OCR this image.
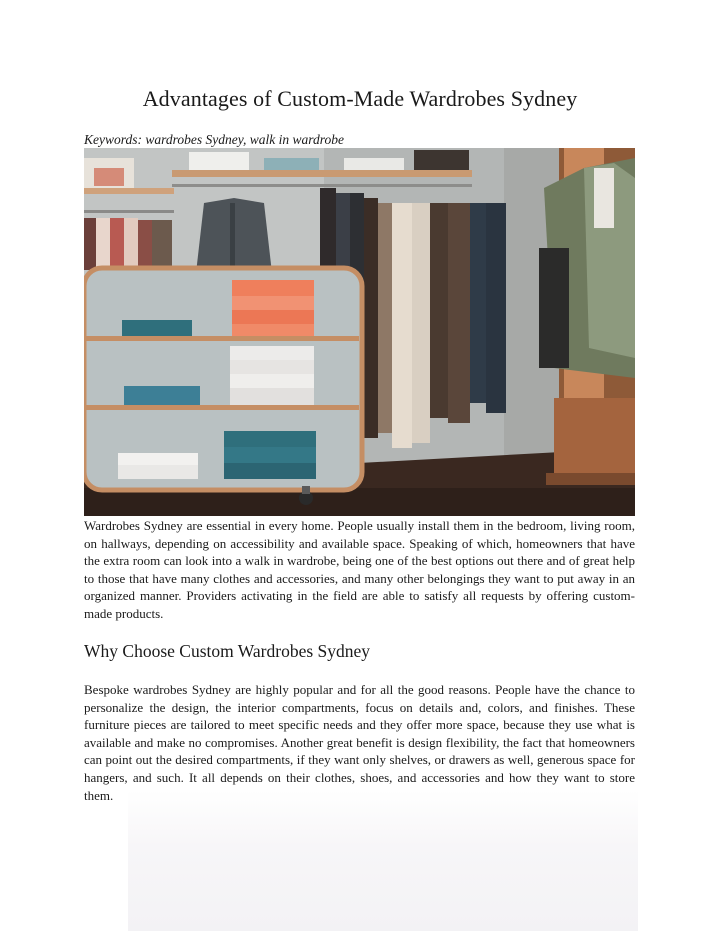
Advantages of Custom-Made Wardrobes Sydney
Keywords: wardrobes Sydney, walk in wardrobe

Wardrobes Sydney are essential in every home. People usually install them in the bedroom, living room, on hallways, depending on accessibility and available space. Speaking of which, homeowners that have the extra room can look into a walk in wardrobe, being one of the best options out there and of great help to those that have many clothes and accessories, and many other belongings they want to put away in an organized manner. Providers activating in the field are able to satisfy all requests by offering custom-made products.

Why Choose Custom Wardrobes Sydney

Bespoke wardrobes Sydney are highly popular and for all the good reasons. People have the chance to personalize the design, the interior compartments, focus on details and, colors, and finishes. These furniture pieces are tailored to meet specific needs and they offer more space, because they use what is available and make no compromises. Another great benefit is design flexibility, the fact that homeowners can point out the desired compartments, if they want only shelves, or drawers as well, generous space for hangers, and such. It all depends on their clothes, shoes, and accessories and how they want to store them.
